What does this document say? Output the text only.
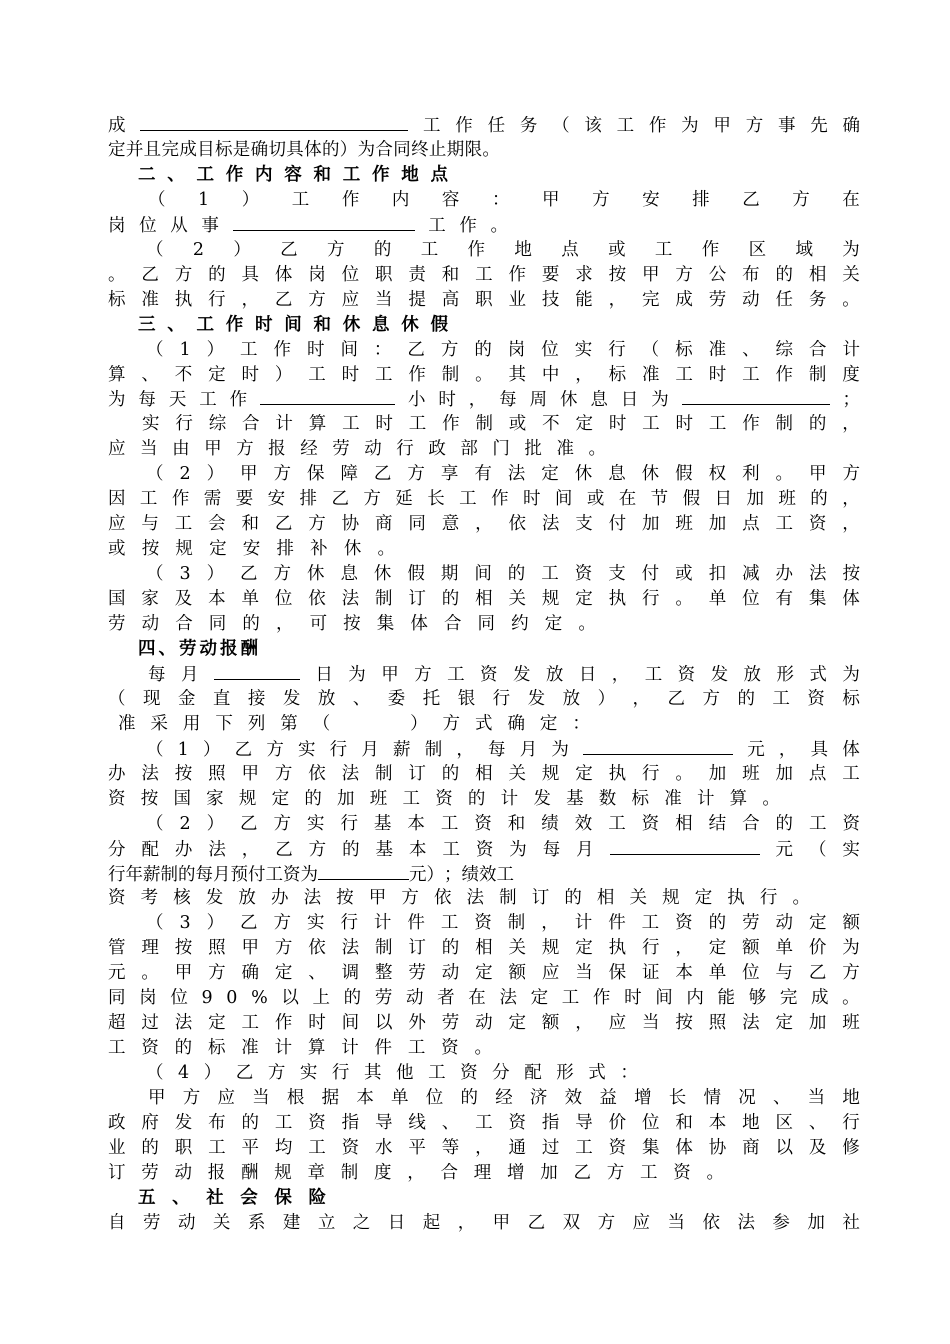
成	工 作 任 务 （ 该 工 作 为 甲 方 事 先 确
定 并 且 完 成 目 标 是 确 切 具 体 的 ） 为 合 同 终 止 期 限 。
二 、 工 作 内 容 和 工 作 地 点
（ 1 ） 工 作 内 容 ： 甲 方 安 排 乙 方 在
岗 位 从 事	工 作 。
（ 2 ） 乙 方 的 工 作 地 点 或 工 作 区 域 为
。 乙 方 的 具 体 岗 位 职 责 和 工 作 要 求 按 甲 方 公 布 的 相 关
标 准 执 行 ， 乙 方 应 当 提 高 职 业 技 能 ， 完 成 劳 动 任 务 。
三 、 工 作 时 间 和 休 息 休 假
（ 1 ） 工 作 时 间 ： 乙 方 的 岗 位 实 行 （ 标 准 、 综 合 计
算 、 不 定 时 ） 工 时 工 作 制 。 其 中 ， 标 准 工 时 工 作 制 度
为 每 天 工 作	小 时 ， 每 周 休 息 日 为	；
实 行 综 合 计 算 工 时 工 作 制 或 不 定 时 工 时 工 作 制 的 ，
应 当 由 甲 方 报 经 劳 动 行 政 部 门 批 准 。
（ 2 ） 甲 方 保 障 乙 方 享 有 法 定 休 息 休 假 权 利 。 甲 方
因 工 作 需 要 安 排 乙 方 延 长 工 作 时 间 或 在 节 假 日 加 班 的 ，
应 与 工 会 和 乙 方 协 商 同 意 ， 依 法 支 付 加 班 加 点 工 资 ，
或 按 规 定 安 排 补 休 。
（ 3 ） 乙 方 休 息 休 假 期 间 的 工 资 支 付 或 扣 减 办 法 按
国 家 及 本 单 位 依 法 制 订 的 相 关 规 定 执 行 。 单 位 有 集 体
劳 动 合 同 的 ， 可 按 集 体 合 同 约 定 。
四 、 劳 动 报 酬
每 月	日 为 甲 方 工 资 发 放 日 ， 工 资 发 放 形 式 为
（ 现 金 直 接 发 放 、 委 托 银 行 发 放 ） ， 乙 方 的 工 资 标
准 采 用 下 列 第 （

　	） 方 式 确 定 ：
（ 1 ） 乙 方 实 行 月 薪 制 ， 每 月 为	元 ， 具 体
办 法 按 照 甲 方 依 法 制 订 的 相 关 规 定 执 行 。 加 班 加 点 工
资 按 国 家 规 定 的 加 班 工 资 的 计 发 基 数 标 准 计 算 。
（ 2 ） 乙 方 实 行 基 本 工 资 和 绩 效 工 资 相 结 合 的 工 资
分 配 办 法 ， 乙 方 的 基 本 工 资 为 每 月	元 （ 实
行 年 薪 制 的 每 月 预 付 工 资 为	元 ） ； 绩 效 工
资 考 核 发 放 办 法 按 甲 方 依 法 制 订 的 相 关 规 定 执 行 。
（ 3 ） 乙 方 实 行 计 件 工 资 制 ， 计 件 工 资 的 劳 动 定 额
管 理 按 照 甲 方 依 法 制 订 的 相 关 规 定 执 行 ， 定 额 单 价 为
元 。 甲 方 确 定 、 调 整 劳 动 定 额 应 当 保 证 本 单 位 与 乙 方
同 岗 位 9 0 % 以 上 的 劳 动 者 在 法 定 工 作 时 间 内 能 够 完 成 。
超 过 法 定 工 作 时 间 以 外 劳 动 定 额 ， 应 当 按 照 法 定 加 班
工 资 的 标 准 计 算 计 件 工 资 。
（ 4 ） 乙 方 实 行 其 他 工 资 分 配 形 式 ：
甲 方 应 当 根 据 本 单 位 的 经 济 效 益 增 长 情 况 、 当 地
政 府 发 布 的 工 资 指 导 线 、 工 资 指 导 价 位 和 本 地 区 、 行
业 的 职 工 平 均 工 资 水 平 等 ， 通 过 工 资 集 体 协 商 以 及 修
订 劳 动 报 酬 规 章 制 度 ， 合 理 增 加 乙 方 工 资 。
五 、 社 会 保 险
自 劳 动 关 系 建 立 之 日 起 ， 甲 乙 双 方 应 当 依 法 参 加 社
